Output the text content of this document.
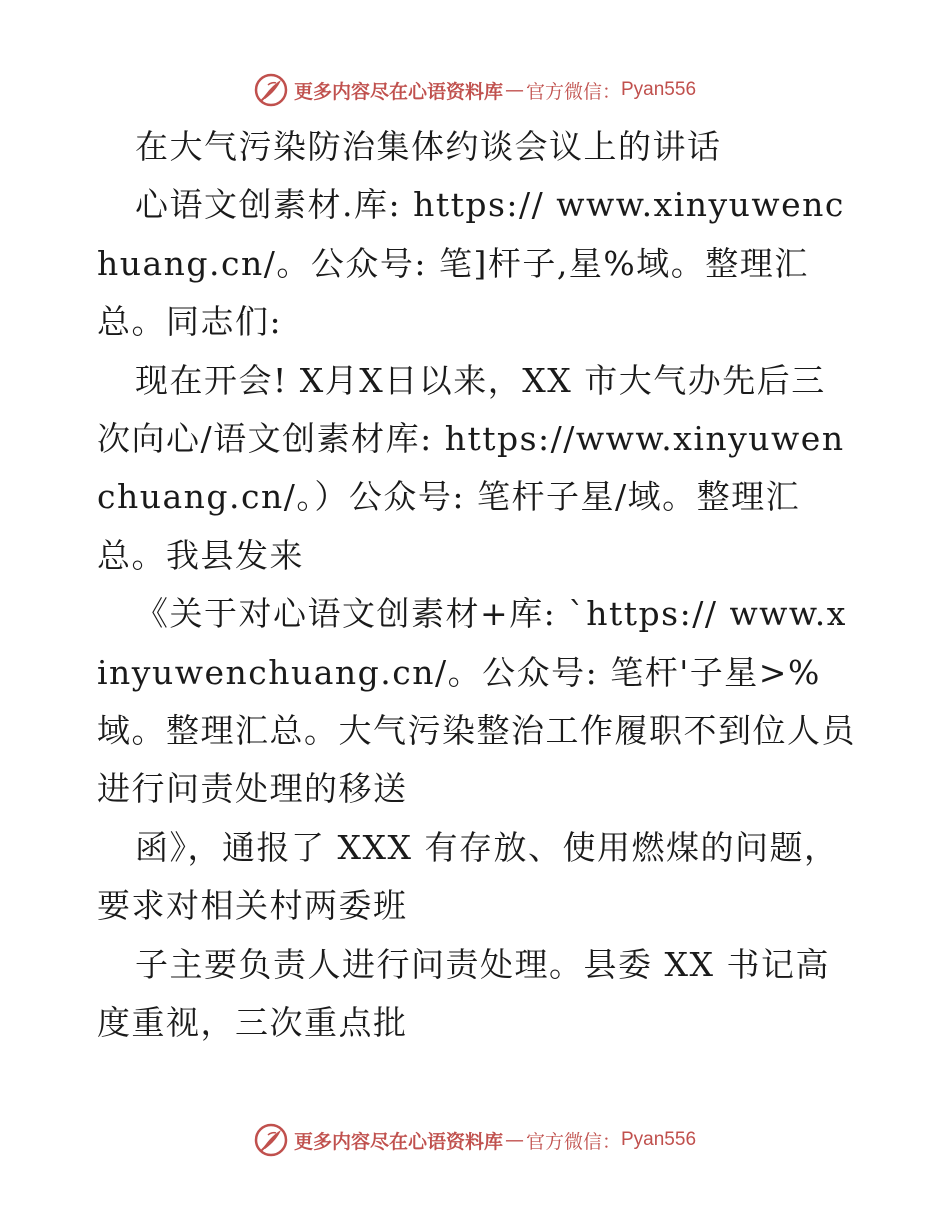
更多内容尽在心语资料库 — 官方微信： Pyan556

在大气污染防治集体约谈会议上的讲话

心语文创素材.库: https:// www.xinyuwenchuang.cn/。公众号: 笔]杆子,星%域。整理汇总。同志们:

现在开会! X月X日以来，XX 市大气办先后三次向心/语文创素材库: https://www.xinyuwenchuang.cn/。）公众号: 笔杆子星/域。整理汇总。我县发来

《关于对心语文创素材+库: `https:// www.xinyuwenchuang.cn/。公众号: 笔杆'子星>%域。整理汇总。大气污染整治工作履职不到位人员进行问责处理的移送

函》，通报了 XXX 有存放、使用燃煤的问题，要求对相关村两委班

子主要负责人进行问责处理。县委 XX 书记高度重视，三次重点批

更多内容尽在心语资料库 — 官方微信： Pyan556
